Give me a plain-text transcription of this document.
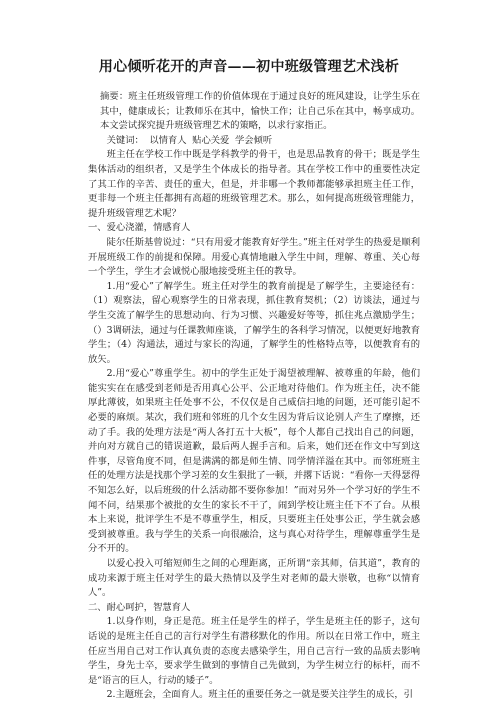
用心倾听花开的声音——初中班级管理艺术浅析

摘要：班主任班级管理工作的价值体现在于通过良好的班风建设，让学生乐在其中，健康成长；让教师乐在其中，愉快工作；让自己乐在其中，畅享成功。本文尝试探究提升班级管理艺术的策略，以求行家指正。

关键词： 以情育人 贴心关爱 学会倾听

班主任在学校工作中既是学科教学的骨干，也是思品教育的骨干；既是学生集体活动的组织者，又是学生个体成长的指导者。其在学校工作中的重要性决定了其工作的辛苦、责任的重大，但是，并非哪一个教师都能够承担班主任工作，更非每一个班主任都拥有高超的班级管理艺术。那么，如何提高班级管理能力，提升班级管理艺术呢？

一、爱心浇灌，情感育人

陡尔任斯基曾说过：“只有用爱才能教育好学生。”班主任对学生的热爱是顺利开展班级工作的前提和保障。用爱心真情地融入学生中间，理解、尊重、关心每一个学生，学生才会诚悦心服地接受班主任的教导。

1.用“爱心”了解学生。班主任对学生的教育前提是了解学生，主要途径有：（1）观察法，留心观察学生的日常表现，抓住教育契机；（2）访谈法，通过与学生交流了解学生的思想动向、行为习惯、兴趣爱好等等，抓住兆点激励学生；（）3调研法，通过与任课教师座谈，了解学生的各科学习情况，以便更好地教育学生；（4）沟通法，通过与家长的沟通，了解学生的性格特点等，以便教育有的放矢。

2.用“爱心”尊重学生。初中的学生正处于渴望被理解、被尊重的年龄，他们能实实在在感受到老师是否用真心公平、公正地对待他们。作为班主任，决不能厚此薄彼，如果班主任处事不公，不仅仅是自己威信扫地的问题，还可能引起不必要的麻烦。某次，我们班和邻班的几个女生因为背后议论别人产生了摩擦，还动了手。我的处理方法是“两人各打五十大板”，每个人都自己找出自己的问题，并向对方就自己的错误道歉，最后两人握手言和。后来，她们还在作文中写到这件事，尽管角度不同，但是满满的都是师生情、同学情洋溢在其中。而邻班班主任的处理方法是找那个学习差的女生狠批了一顿，并撂下话说：“看你一天得瑟得不知怎么好，以后班级的什么活动都不要你参加！”而对另外一个学习好的学生不闻不问，结果那个被批的女生的家长不干了，闹到学校让班主任下不了台。从根本上来说，批评学生不是不尊重学生，相反，只要班主任处事公正，学生就会感受到被尊重。我与学生的关系一向很融洽，这与真心对待学生，理解尊重学生是分不开的。

以爱心投入可缩短师生之间的心理距离，正所谓“亲其师，信其道”，教育的成功来源于班主任对学生的最大热情以及学生对老师的最大崇敬，也称“以情育人”。

二、耐心呵护，智慧育人

1.以身作则，身正是范。班主任是学生的样子，学生是班主任的影子，这句话说的是班主任自己的言行对学生有潜移默化的作用。所以在日常工作中，班主任应当用自己对工作认真负责的态度去感染学生，用自己言行一致的品质去影响学生，身先士卒，要求学生做到的事情自己先做到，为学生树立行的标杆，而不是“语言的巨人，行动的矮子”。

2.主题班会，全面育人。班主任的重要任务之一就是要关注学生的成长，引
